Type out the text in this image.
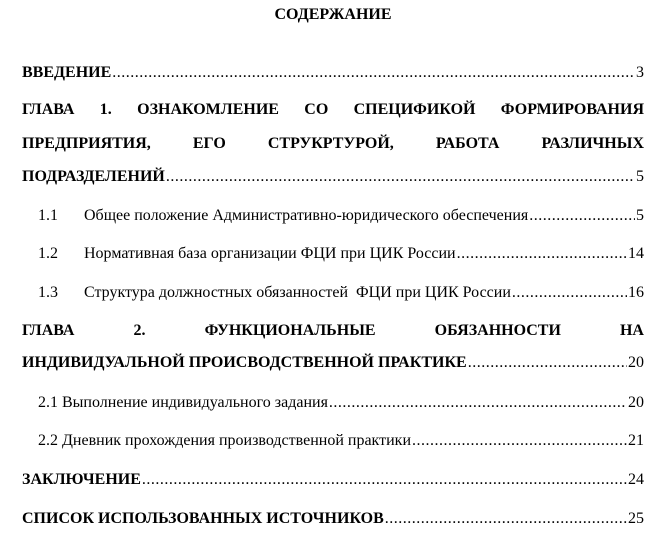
СОДЕРЖАНИЕ
ВВЕДЕНИЕ .....	3
ГЛАВА 1. ОЗНАКОМЛЕНИЕ СО СПЕЦИФИКОЙ ФОРМИРОВАНИЯ
ПРЕДПРИЯТИЯ, ЕГО СТРУКРТУРОЙ, РАБОТА РАЗЛИЧНЫХ
ПОДРАЗДЕЛЕНИЙ .....	5
1.1	Общее положение Административно-юридического обеспечения .....	5
1.2	Нормативная база организации ФЦИ при ЦИК России .....	14
1.3	Структура должностных обязанностей  ФЦИ при ЦИК России .....	16
ГЛАВА	2.	ФУНКЦИОНАЛЬНЫЕ	ОБЯЗАННОСТИ	НА
ИНДИВИДУАЛЬНОЙ ПРОИСВОДСТВЕННОЙ ПРАКТИКЕ .....	20
2.1 Выполнение индивидуального задания .....	20
2.2 Дневник прохождения производственной практики .....	21
ЗАКЛЮЧЕНИЕ .....	24
СПИСОК ИСПОЛЬЗОВАННЫХ ИСТОЧНИКОВ .....	25
